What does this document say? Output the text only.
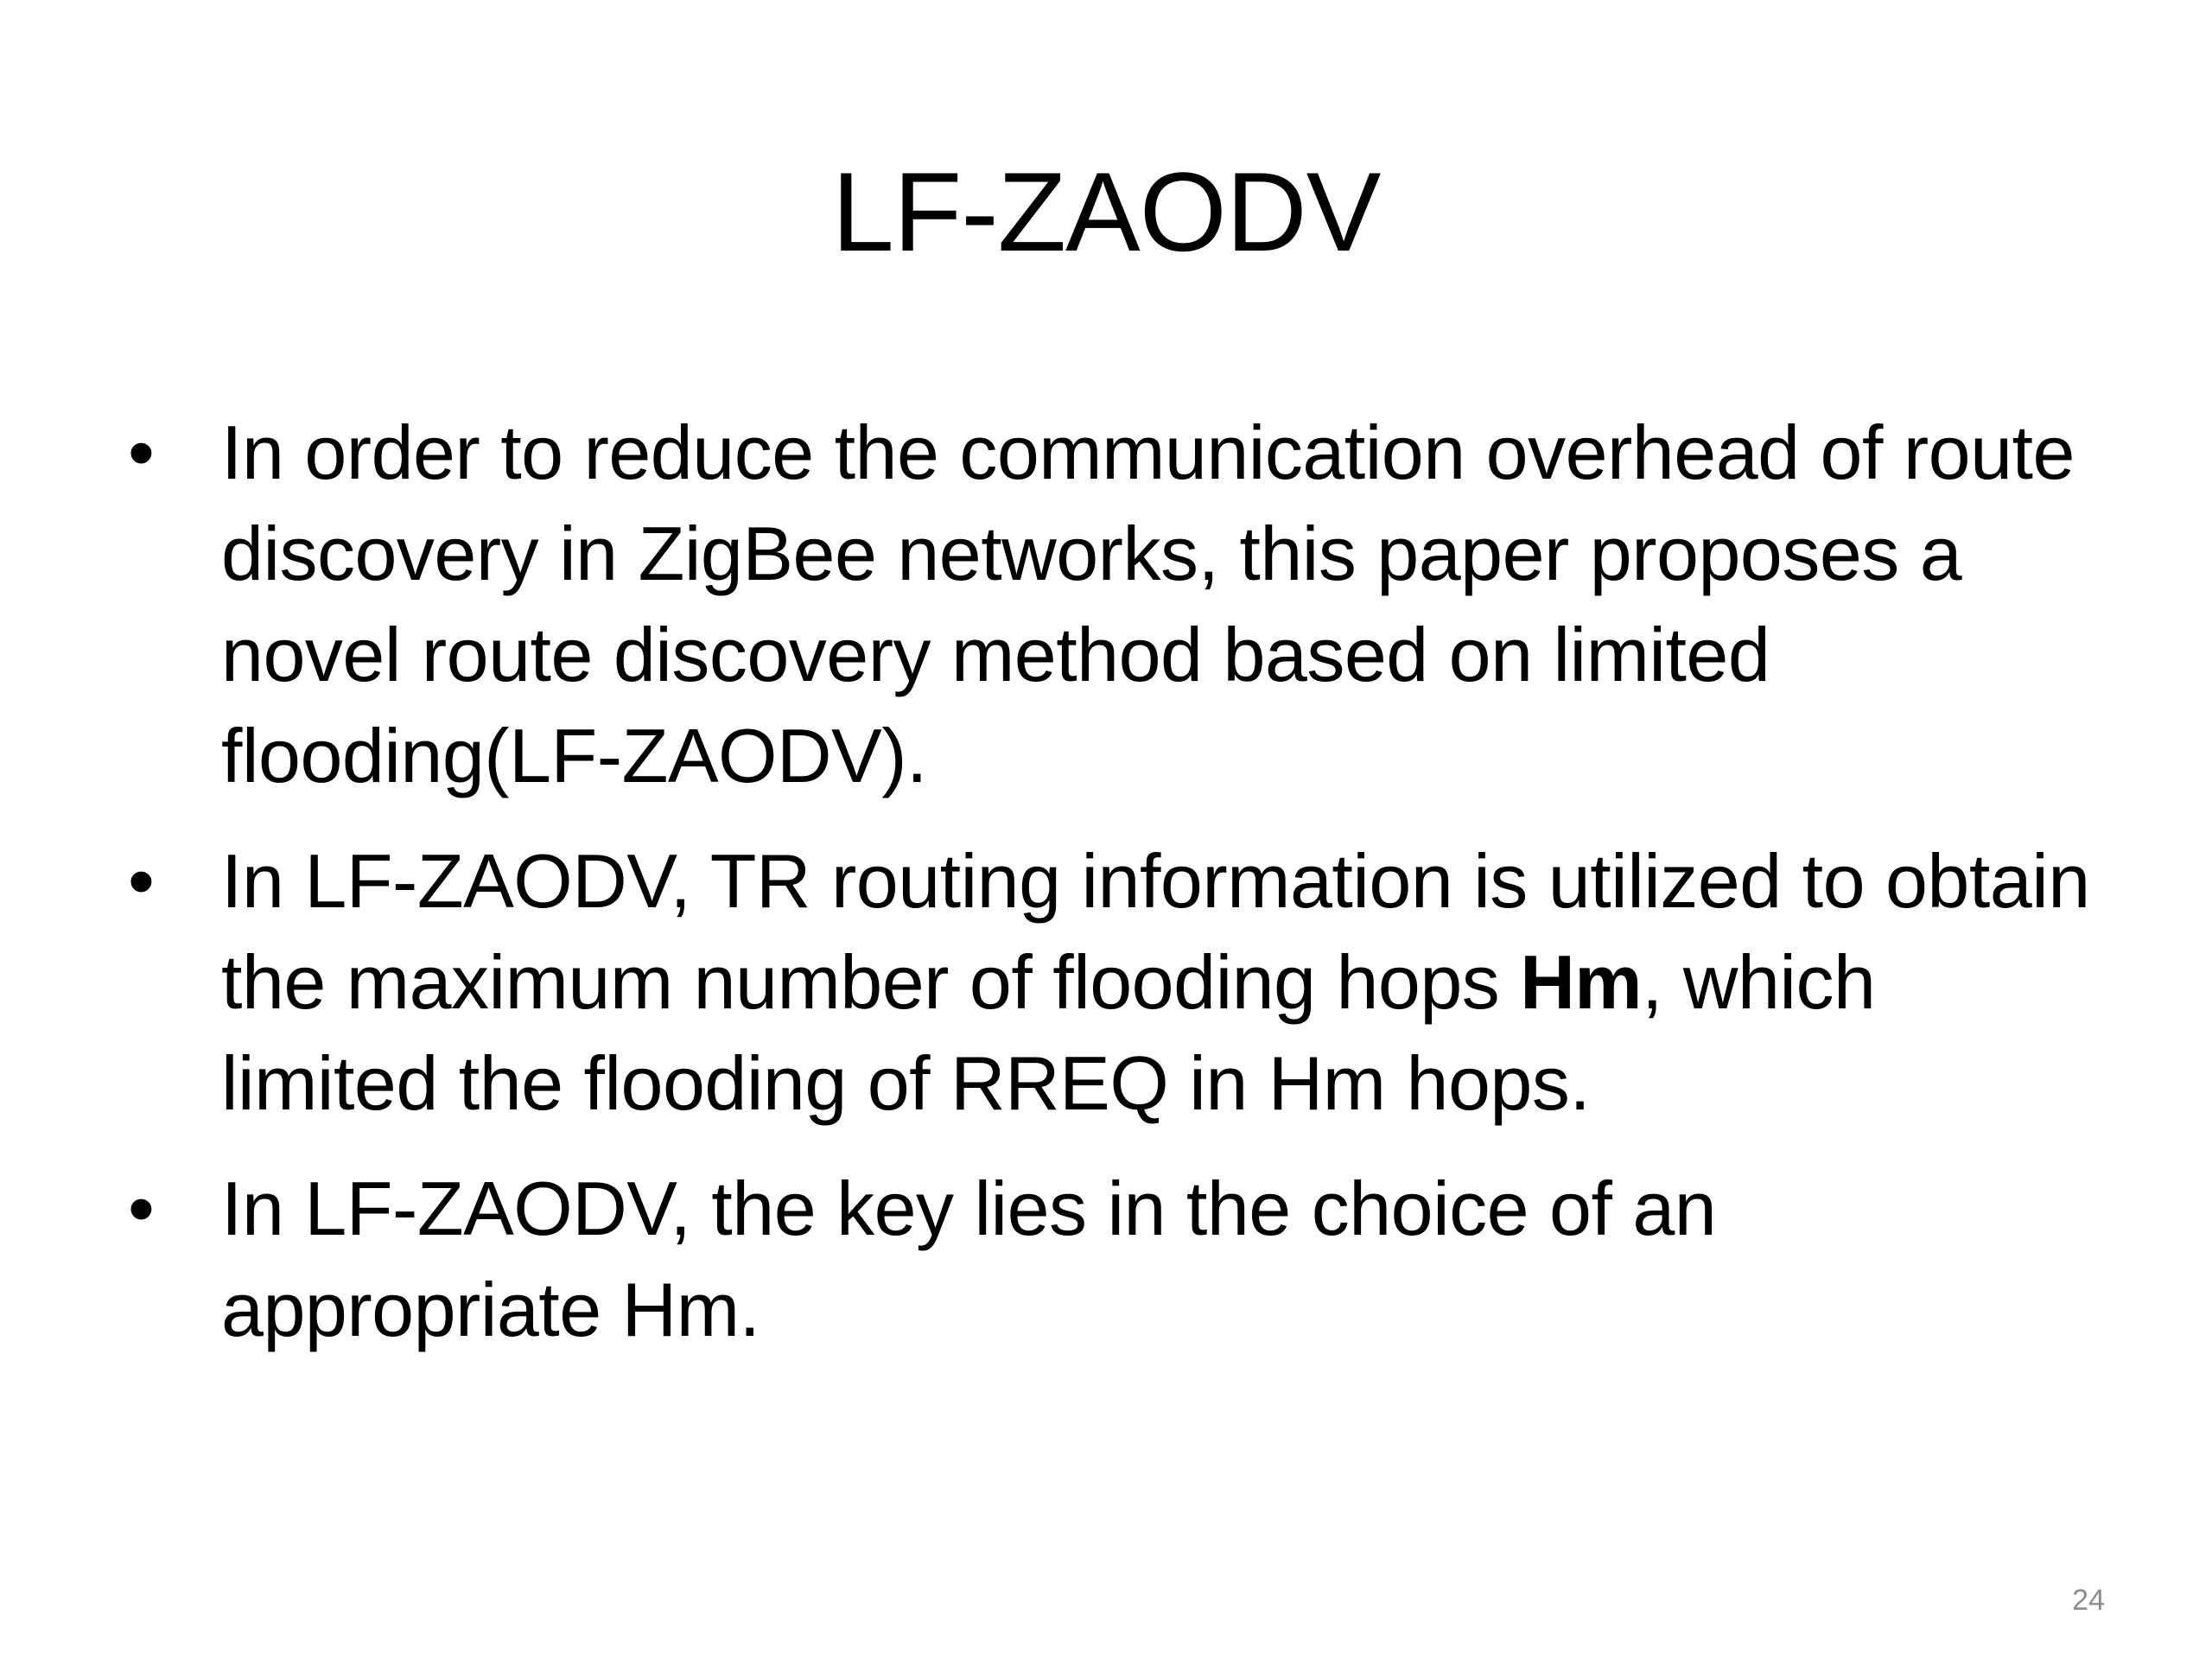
LF-ZAODV
• In order to reduce the communication overhead of route discovery in ZigBee networks, this paper proposes a novel route discovery method based on limited flooding(LF-ZAODV).
• In LF-ZAODV, TR routing information is utilized to obtain the maximum number of flooding hops Hm, which limited the flooding of RREQ in Hm hops.
• In LF-ZAODV, the key lies in the choice of an appropriate Hm.
24
